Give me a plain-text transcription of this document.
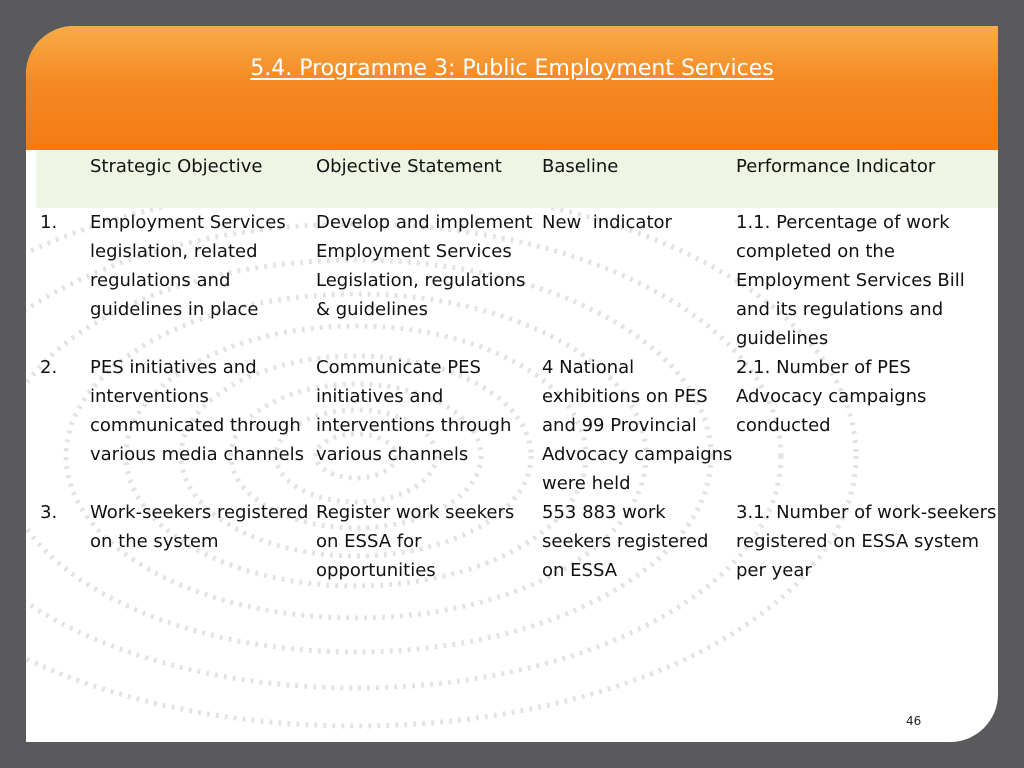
5.4. Programme 3: Public Employment Services
	Strategic Objective	Objective Statement	Baseline	Performance Indicator
1.	Employment Services legislation, related regulations and guidelines in place	Develop and implement Employment Services Legislation, regulations & guidelines	New  indicator	1.1. Percentage of work completed on the Employment Services Bill and its regulations and guidelines
2.	PES initiatives and interventions communicated through various media channels	Communicate PES initiatives and interventions through various channels	4 National exhibitions on PES and 99 Provincial Advocacy campaigns were held	2.1. Number of PES Advocacy campaigns conducted
3.	Work-seekers registered on the system	Register work seekers on ESSA for opportunities	553 883 work seekers registered on ESSA	3.1. Number of work-seekers registered on ESSA system per year
46
